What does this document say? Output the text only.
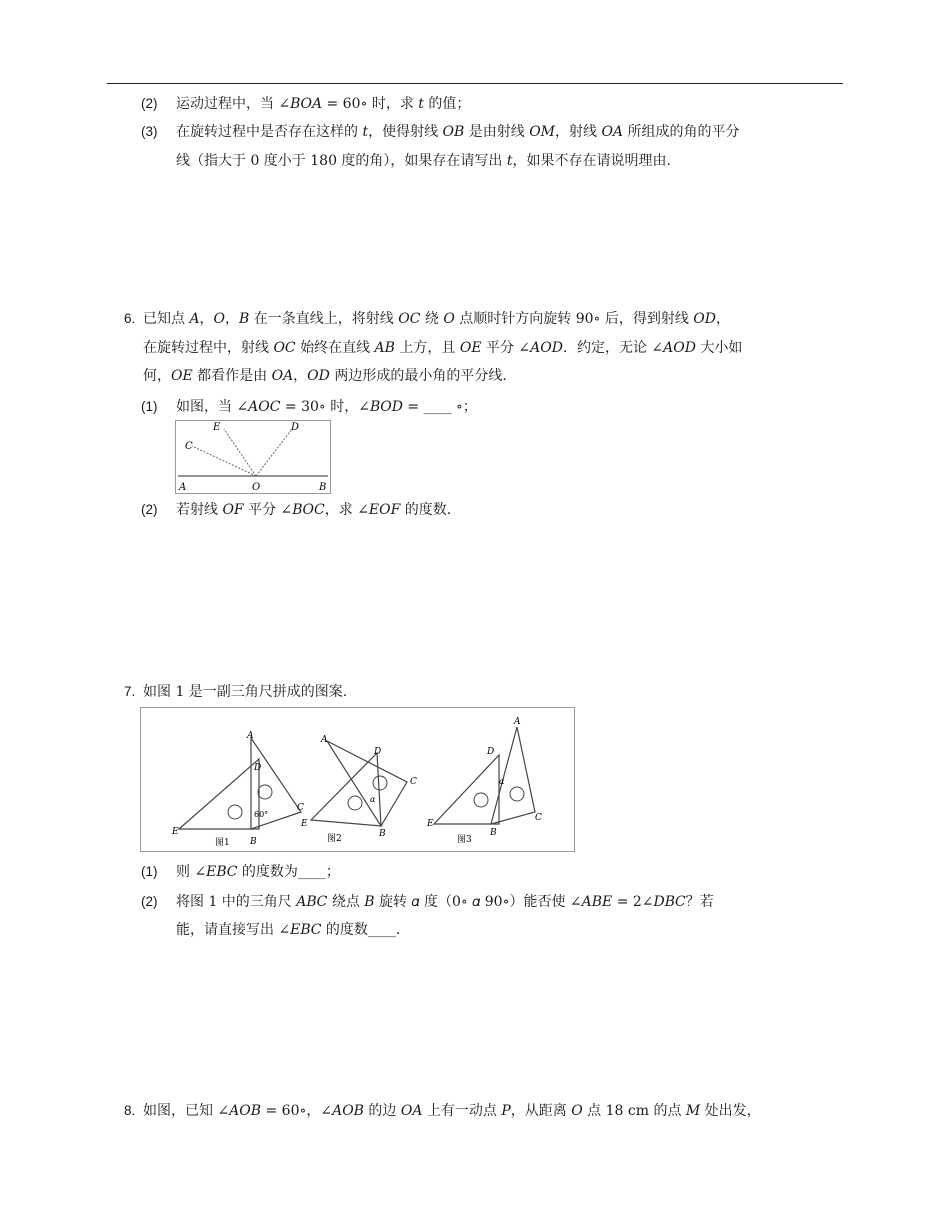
(2) 运动过程中，当 ∠𝐵𝑂𝐴 = 60∘ 时，求 𝑡 的值；
(3) 在旋转过程中是否存在这样的 𝑡，使得射线 𝑂𝐵 是由射线 𝑂𝑀，射线 𝑂𝐴 所组成的角的平分
线（指大于 0 度小于 180 度的角），如果存在请写出 𝑡，如果不存在请说明理由.
6. 已知点 𝐴，𝑂，𝐵 在一条直线上，将射线 𝑂𝐶 绕 𝑂 点顺时针方向旋转 90∘ 后，得到射线 𝑂𝐷，
在旋转过程中，射线 𝑂𝐶 始终在直线 𝐴𝐵 上方，且 𝑂𝐸 平分 ∠𝐴𝑂𝐷．约定，无论 ∠𝐴𝑂𝐷 大小如
何，𝑂𝐸 都看作是由 𝑂𝐴，𝑂𝐷 两边形成的最小角的平分线.
(1) 如图，当 ∠𝐴𝑂𝐶 = 30∘ 时，∠𝐵𝑂𝐷 = ____ ∘；
E	D
C
A	O	B
(2) 若射线 𝑂𝐹 平分 ∠𝐵𝑂𝐶，求 ∠𝐸𝑂𝐹 的度数.
7. 如图 1 是一副三角尺拼成的图案.
A
D
C
E
B
60°
图1
A
D
C
E
B
α
图2
A
D
C
E
B
α
图3
(1) 则 ∠𝐸𝐵𝐶 的度数为____；
(2) 将图 1 中的三角尺 𝐴𝐵𝐶 绕点 𝐵 旋转 𝛼 度（0∘ 𝛼 90∘）能否使 ∠𝐴𝐵𝐸 = 2∠𝐷𝐵𝐶？若
能，请直接写出 ∠𝐸𝐵𝐶 的度数____.
8. 如图，已知 ∠𝐴𝑂𝐵 = 60∘，∠𝐴𝑂𝐵 的边 𝑂𝐴 上有一动点 𝑃，从距离 𝑂 点 18 cm 的点 𝑀 处出发，
